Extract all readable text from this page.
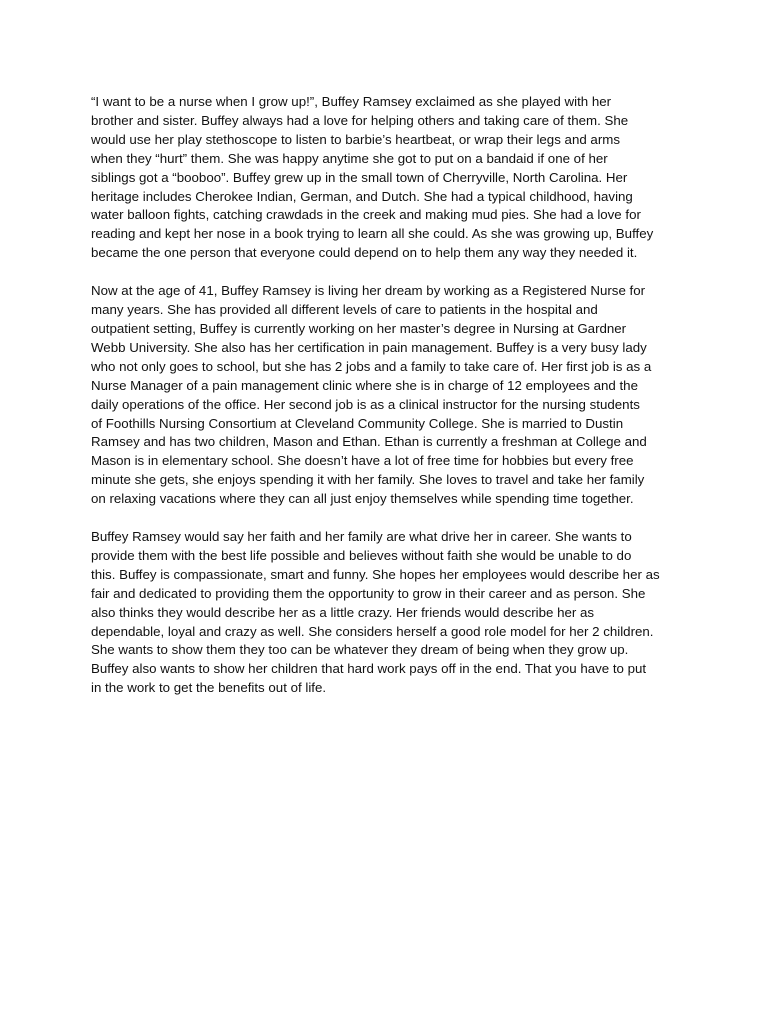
“I want to be a nurse when I grow up!”, Buffey Ramsey exclaimed as she played with her
brother and sister. Buffey always had a love for helping others and taking care of them. She
would use her play stethoscope to listen to barbie’s heartbeat, or wrap their legs and arms
when they “hurt” them. She was happy anytime she got to put on a bandaid if one of her
siblings got a “booboo”. Buffey grew up in the small town of Cherryville, North Carolina. Her
heritage includes Cherokee Indian, German, and Dutch. She had a typical childhood, having
water balloon fights, catching crawdads in the creek and making mud pies. She had a love for
reading and kept her nose in a book trying to learn all she could. As she was growing up, Buffey
became the one person that everyone could depend on to help them any way they needed it.

Now at the age of 41, Buffey Ramsey is living her dream by working as a Registered Nurse for
many years. She has provided all different levels of care to patients in the hospital and
outpatient setting, Buffey is currently working on her master’s degree in Nursing at Gardner
Webb University. She also has her certification in pain management. Buffey is a very busy lady
who not only goes to school, but she has 2 jobs and a family to take care of. Her first job is as a
Nurse Manager of a pain management clinic where she is in charge of 12 employees and the
daily operations of the office. Her second job is as a clinical instructor for the nursing students
of Foothills Nursing Consortium at Cleveland Community College. She is married to Dustin
Ramsey and has two children, Mason and Ethan. Ethan is currently a freshman at College and
Mason is in elementary school. She doesn’t have a lot of free time for hobbies but every free
minute she gets, she enjoys spending it with her family. She loves to travel and take her family
on relaxing vacations where they can all just enjoy themselves while spending time together.

Buffey Ramsey would say her faith and her family are what drive her in career. She wants to
provide them with the best life possible and believes without faith she would be unable to do
this. Buffey is compassionate, smart and funny. She hopes her employees would describe her as
fair and dedicated to providing them the opportunity to grow in their career and as person. She
also thinks they would describe her as a little crazy. Her friends would describe her as
dependable, loyal and crazy as well. She considers herself a good role model for her 2 children.
She wants to show them they too can be whatever they dream of being when they grow up.
Buffey also wants to show her children that hard work pays off in the end. That you have to put
in the work to get the benefits out of life.
